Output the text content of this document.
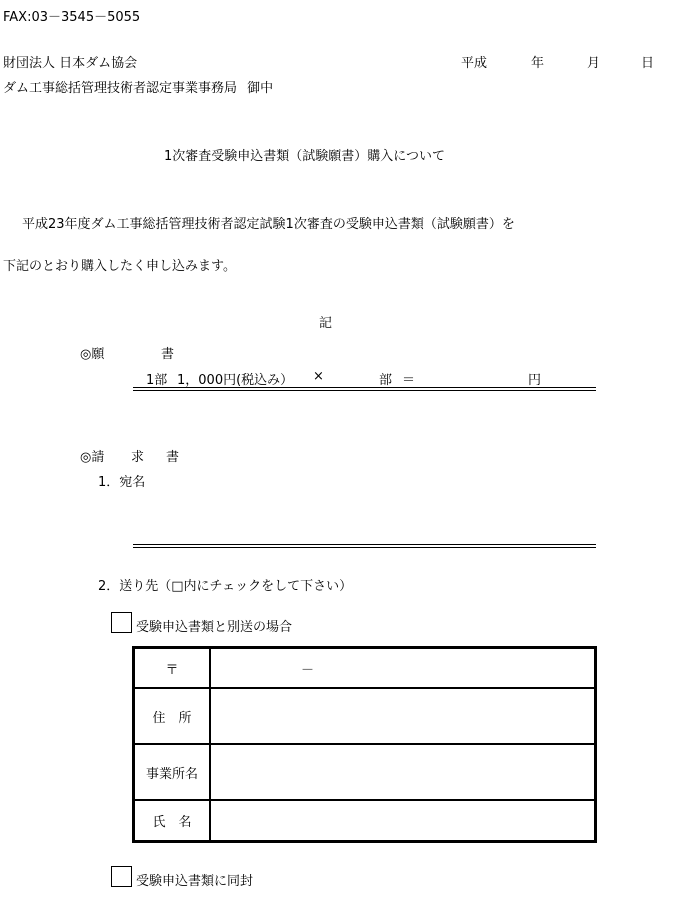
FAX:03－3545－5055
財団法人 日本ダム協会
ダム工事総括管理技術者認定事業事務局 御中
平成	年	月	日
1次審査受験申込書類（試験願書）購入について
平成23年度ダム工事総括管理技術者認定試験1次審査の受験申込書類（試験願書）を
下記のとおり購入したく申し込みます。
記
◎願	書
1部 1，000円(税込み） ×	部 ＝	円
◎請 求 書
1．宛名
2．送り先（□内にチェックをして下さい）
受験申込書類と別送の場合
〒	－
住　所	
事業所名	
氏　名	
受験申込書類に同封
